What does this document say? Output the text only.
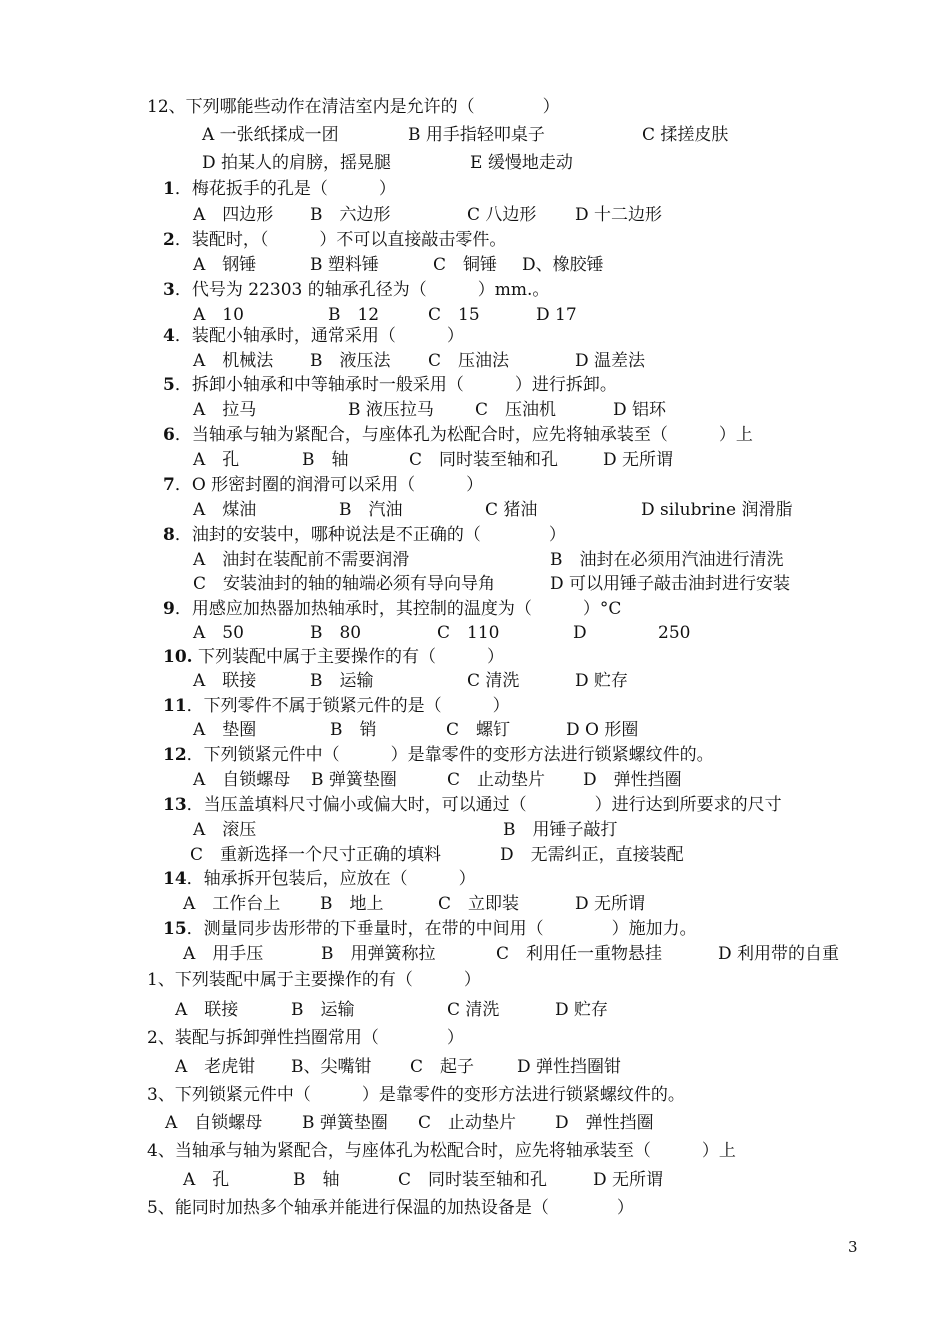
12、下列哪能些动作在清洁室内是允许的（　　　　）
A 一张纸揉成一团	B 用手指轻叩桌子	C 揉搓皮肤
D 拍某人的肩膀，摇晃腿	E 缓慢地走动
1．梅花扳手的孔是（　　　）
A　四边形 B　六边形	C 八边形 D 十二边形
2．装配时，（　　　）不可以直接敲击零件。
A　钢锤	B 塑料锤	C　铜锤 D、橡胶锤
3．代号为 22303 的轴承孔径为（　　　）mm.。
A　10	B　12	C　15	D 17
4．装配小轴承时，通常采用（　　　）
A　机械法 B　液压法 C　压油法	D 温差法
5．拆卸小轴承和中等轴承时一般采用（　　　）进行拆卸。
A　拉马	B 液压拉马 C　压油机	D 铝环
6．当轴承与轴为紧配合，与座体孔为松配合时，应先将轴承装至（　　　）上
A　孔	B　轴	C　同时装至轴和孔	D 无所谓
7．O 形密封圈的润滑可以采用（　　　）
A　煤油	B　汽油	C 猪油	D silubrine 润滑脂
8．油封的安装中，哪种说法是不正确的（　　　　）
A　油封在装配前不需要润滑	B　油封在必须用汽油进行清洗
C　安装油封的轴的轴端必须有导向导角	D 可以用锤子敲击油封进行安装
9．用感应加热器加热轴承时，其控制的温度为（　　　）°C
A　50	B　80	C　110	D	250
10. 下列装配中属于主要操作的有（　　　）
A　联接	B　运输	C 清洗	D 贮存
11．下列零件不属于锁紧元件的是（　　　）
A　垫圈	B　销	C　螺钉	D O 形圈
12．下列锁紧元件中（　　　）是靠零件的变形方法进行锁紧螺纹件的。
A　自锁螺母 B 弹簧垫圈	C　止动垫片 D　弹性挡圈
13．当压盖填料尺寸偏小或偏大时，可以通过（　　　　）进行达到所要求的尺寸
A　滚压	B　用锤子敲打
C　重新选择一个尺寸正确的填料	D　无需纠正，直接装配
14．轴承拆开包装后，应放在（　　　）
A　工作台上 B　地上	C　立即装	D 无所谓
15．测量同步齿形带的下垂量时，在带的中间用（　　　　）施加力。
A　用手压	B　用弹簧称拉	C　利用任一重物悬挂	D 利用带的自重
1、下列装配中属于主要操作的有（　　　）
A　联接	B　运输	C 清洗	D 贮存
2、装配与拆卸弹性挡圈常用（　　　　）
A　老虎钳 B、尖嘴钳 C　起子	D 弹性挡圈钳
3、下列锁紧元件中（　　　）是靠零件的变形方法进行锁紧螺纹件的。
A　自锁螺母 B 弹簧垫圈 C　止动垫片 D　弹性挡圈
4、当轴承与轴为紧配合，与座体孔为松配合时，应先将轴承装至（　　　）上
A　孔	B　轴	C　同时装至轴和孔	D 无所谓
5、能同时加热多个轴承并能进行保温的加热设备是（　　　　）
3
